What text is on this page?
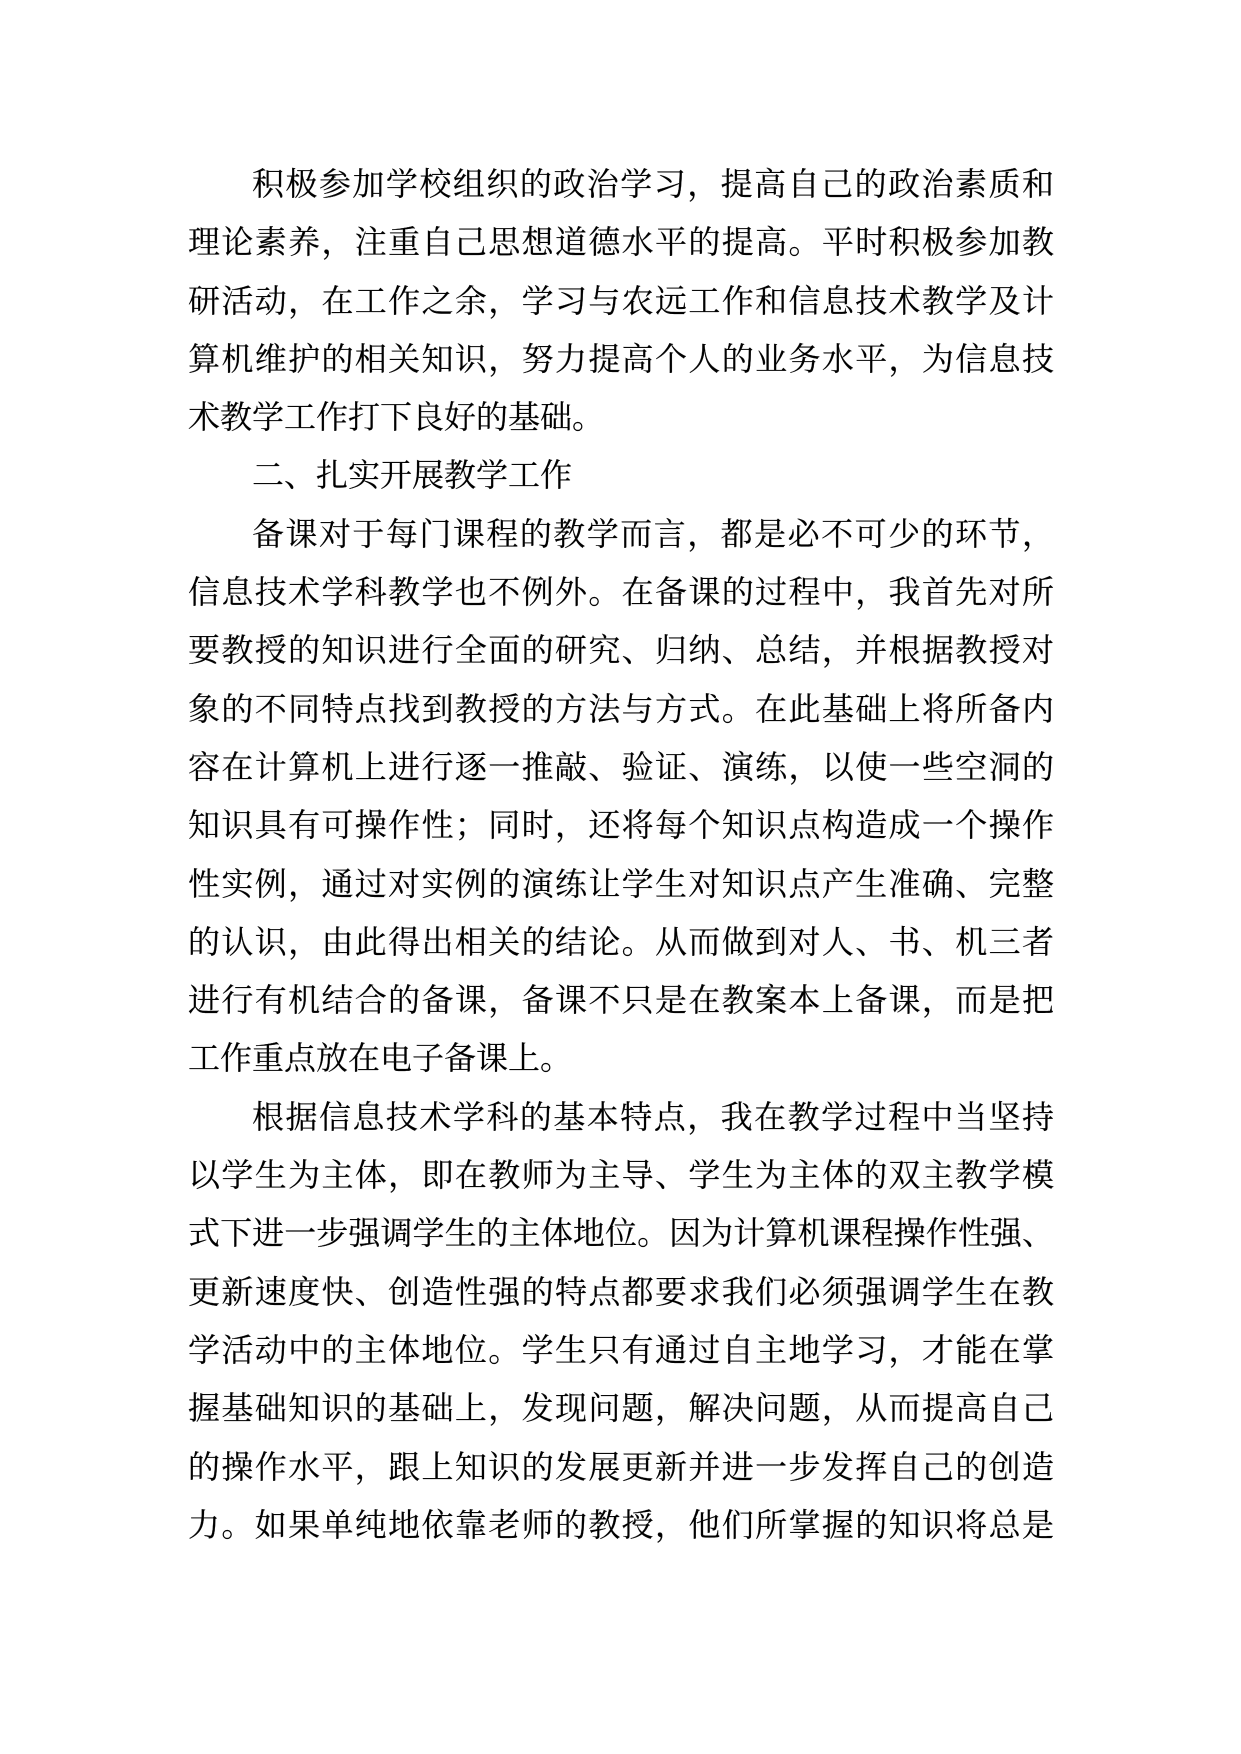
积极参加学校组织的政治学习，提高自己的政治素质和
理论素养，注重自己思想道德水平的提高。平时积极参加教
研活动，在工作之余，学习与农远工作和信息技术教学及计
算机维护的相关知识，努力提高个人的业务水平，为信息技
术教学工作打下良好的基础。
二、扎实开展教学工作
备课对于每门课程的教学而言，都是必不可少的环节，
信息技术学科教学也不例外。在备课的过程中，我首先对所
要教授的知识进行全面的研究、归纳、总结，并根据教授对
象的不同特点找到教授的方法与方式。在此基础上将所备内
容在计算机上进行逐一推敲、验证、演练，以使一些空洞的
知识具有可操作性；同时，还将每个知识点构造成一个操作
性实例，通过对实例的演练让学生对知识点产生准确、完整
的认识，由此得出相关的结论。从而做到对人、书、机三者
进行有机结合的备课，备课不只是在教案本上备课，而是把
工作重点放在电子备课上。
根据信息技术学科的基本特点，我在教学过程中当坚持
以学生为主体，即在教师为主导、学生为主体的双主教学模
式下进一步强调学生的主体地位。因为计算机课程操作性强、
更新速度快、创造性强的特点都要求我们必须强调学生在教
学活动中的主体地位。学生只有通过自主地学习，才能在掌
握基础知识的基础上，发现问题，解决问题，从而提高自己
的操作水平，跟上知识的发展更新并进一步发挥自己的创造
力。如果单纯地依靠老师的教授，他们所掌握的知识将总是
